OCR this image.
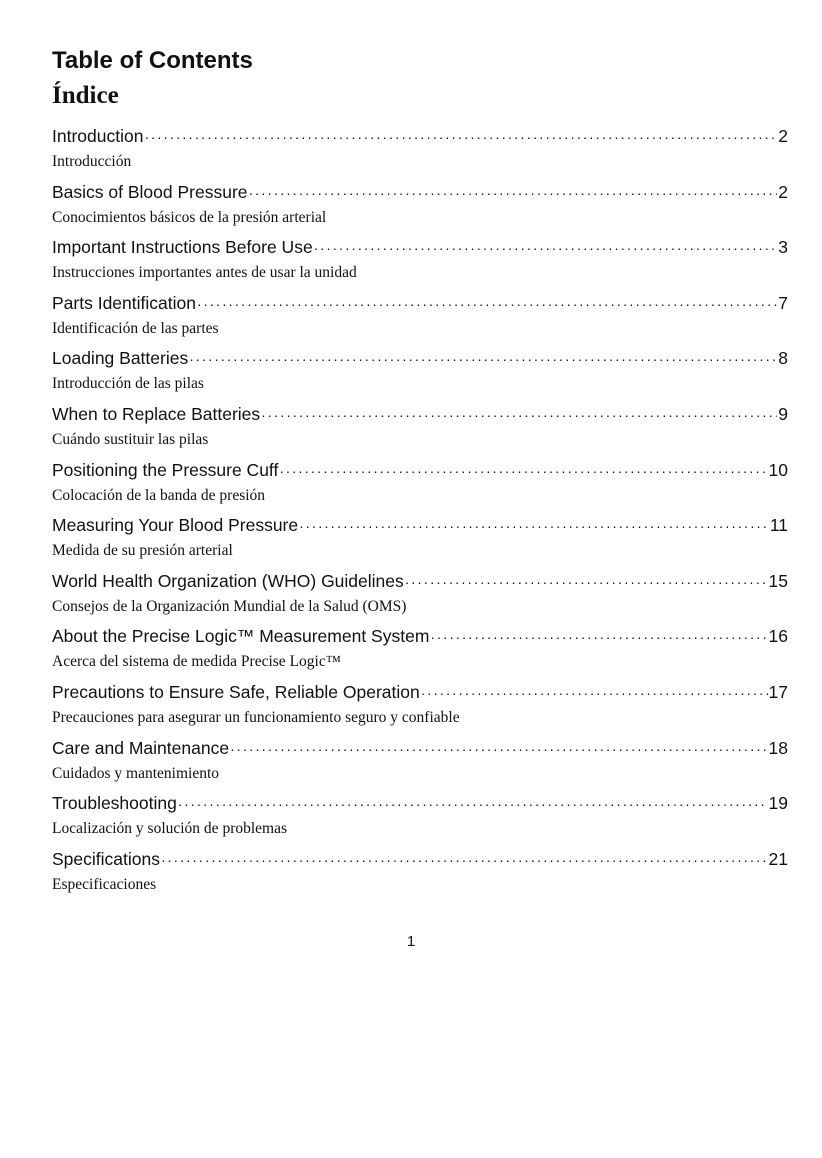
Table of Contents
Índice
Introduction ·····	2
Introducción
Basics of Blood Pressure ·····	2
Conocimientos básicos de la presión arterial
Important Instructions Before Use ·····	3
Instrucciones importantes antes de usar la unidad
Parts Identification ·····	7
Identificación de las partes
Loading Batteries ·····	8
Introducción de las pilas
When to Replace Batteries ·····	9
Cuándo sustituir las pilas
Positioning the Pressure Cuff ·····	10
Colocación de la banda de presión
Measuring Your Blood Pressure ·····	11
Medida de su presión arterial
World Health Organization (WHO) Guidelines ·····	15
Consejos de la Organización Mundial de la Salud (OMS)
About the Precise Logic™ Measurement System ·····	16
Acerca del sistema de medida Precise Logic™
Precautions to Ensure Safe, Reliable Operation ·····	17
Precauciones para asegurar un funcionamiento seguro y confiable
Care and Maintenance ·····	18
Cuidados y mantenimiento
Troubleshooting ·····	19
Localización y solución de problemas
Specifications ·····	21
Especificaciones
1
